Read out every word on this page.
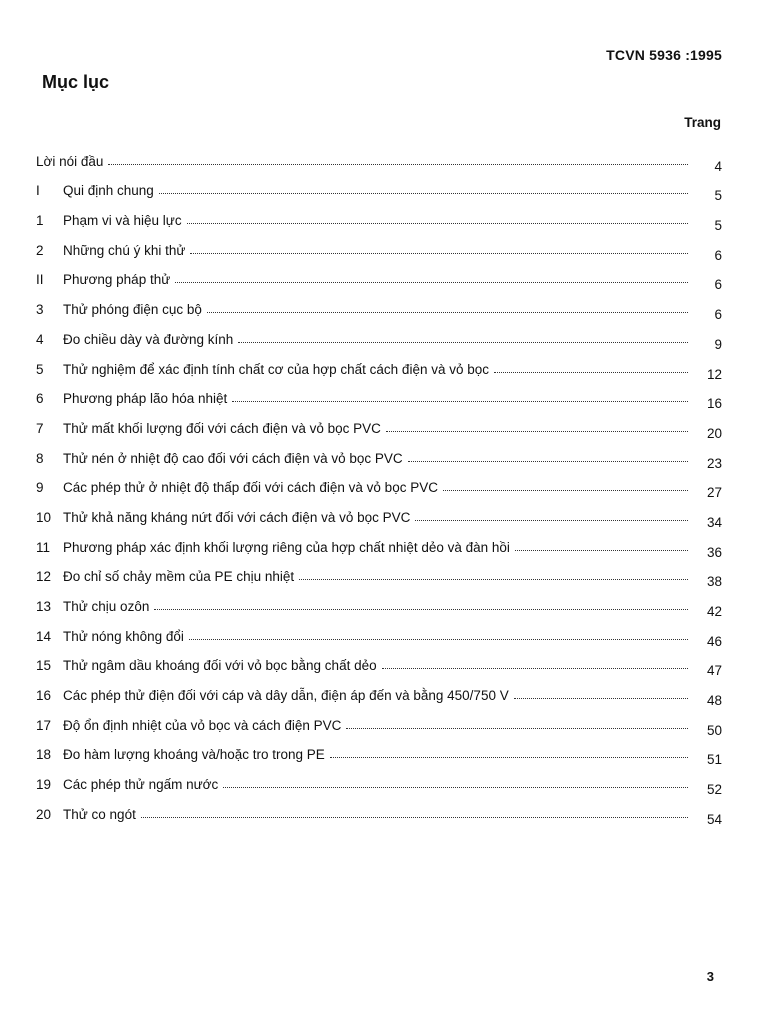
TCVN 5936 :1995
Mục lục
Trang
Lời nói đầu	4
I	Qui định chung	5
1	Phạm vi và hiệu lực	5
2	Những chú ý khi thử	6
II	Phương pháp thử	6
3	Thử phóng điện cục bộ	6
4	Đo chiều dày và đường kính	9
5	Thử nghiệm để xác định tính chất cơ của hợp chất cách điện và vỏ bọc	12
6	Phương pháp lão hóa nhiệt	16
7	Thử mất khối lượng đối với cách điện và vỏ bọc PVC	20
8	Thử nén ở nhiệt độ cao đối với cách điện và vỏ bọc PVC	23
9	Các phép thử ở nhiệt độ thấp đối với cách điện và vỏ bọc PVC	27
10 Thử khả năng kháng nứt đối với cách điện và vỏ bọc PVC	34
11 Phương pháp xác định khối lượng riêng của hợp chất nhiệt dẻo và đàn hồi	36
12 Đo chỉ số chảy mềm của PE chịu nhiệt	38
13 Thử chịu ozôn	42
14 Thử nóng không đổi	46
15 Thử ngâm dầu khoáng đối với vỏ bọc bằng chất dẻo	47
16 Các phép thử điện đối với cáp và dây dẫn, điện áp đến và bằng 450/750 V	48
17 Độ ổn định nhiệt của vỏ bọc và cách điện PVC	50
18 Đo hàm lượng khoáng và/hoặc tro trong PE	51
19 Các phép thử ngấm nước	52
20 Thử co ngót	54
3
